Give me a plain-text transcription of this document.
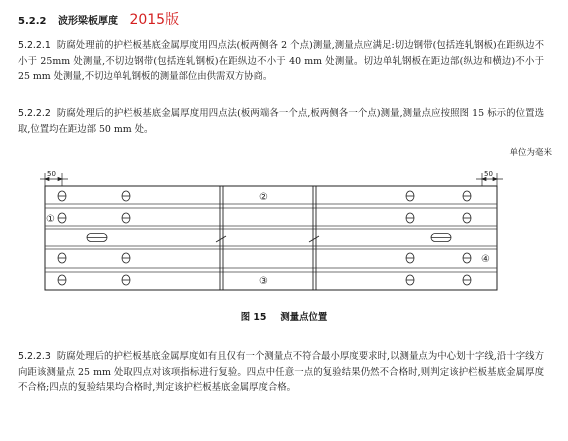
5.2.2 波形梁板厚度 2015版
5.2.2.1 防腐处理前的护栏板基底金属厚度用四点法(板两侧各 2 个点)测量,测量点应满足:切边钢带(包括连轧钢板)在距纵边不小于 25mm 处测量,不切边钢带(包括连轧钢板)在距纵边不小于 40 mm 处测量。切边单轧钢板在距边部(纵边和横边)不小于 25 mm 处测量,不切边单轧钢板的测量部位由供需双方协商。
5.2.2.2 防腐处理后的护栏板基底金属厚度用四点法(板两端各一个点,板两侧各一个点)测量,测量点应按照图 15 标示的位置选取,位置均在距边部 50 mm 处。
单位为毫米
50	50
①
②
③
④
图 15 测量点位置
5.2.2.3 防腐处理后的护栏板基底金属厚度如有且仅有一个测量点不符合最小厚度要求时,以测量点为中心划十字线,沿十字线方向距该测量点 25 mm 处取四点对该项指标进行复验。四点中任意一点的复验结果仍然不合格时,则判定该护栏板基底金属厚度不合格;四点的复验结果均合格时,判定该护栏板基底金属厚度合格。
